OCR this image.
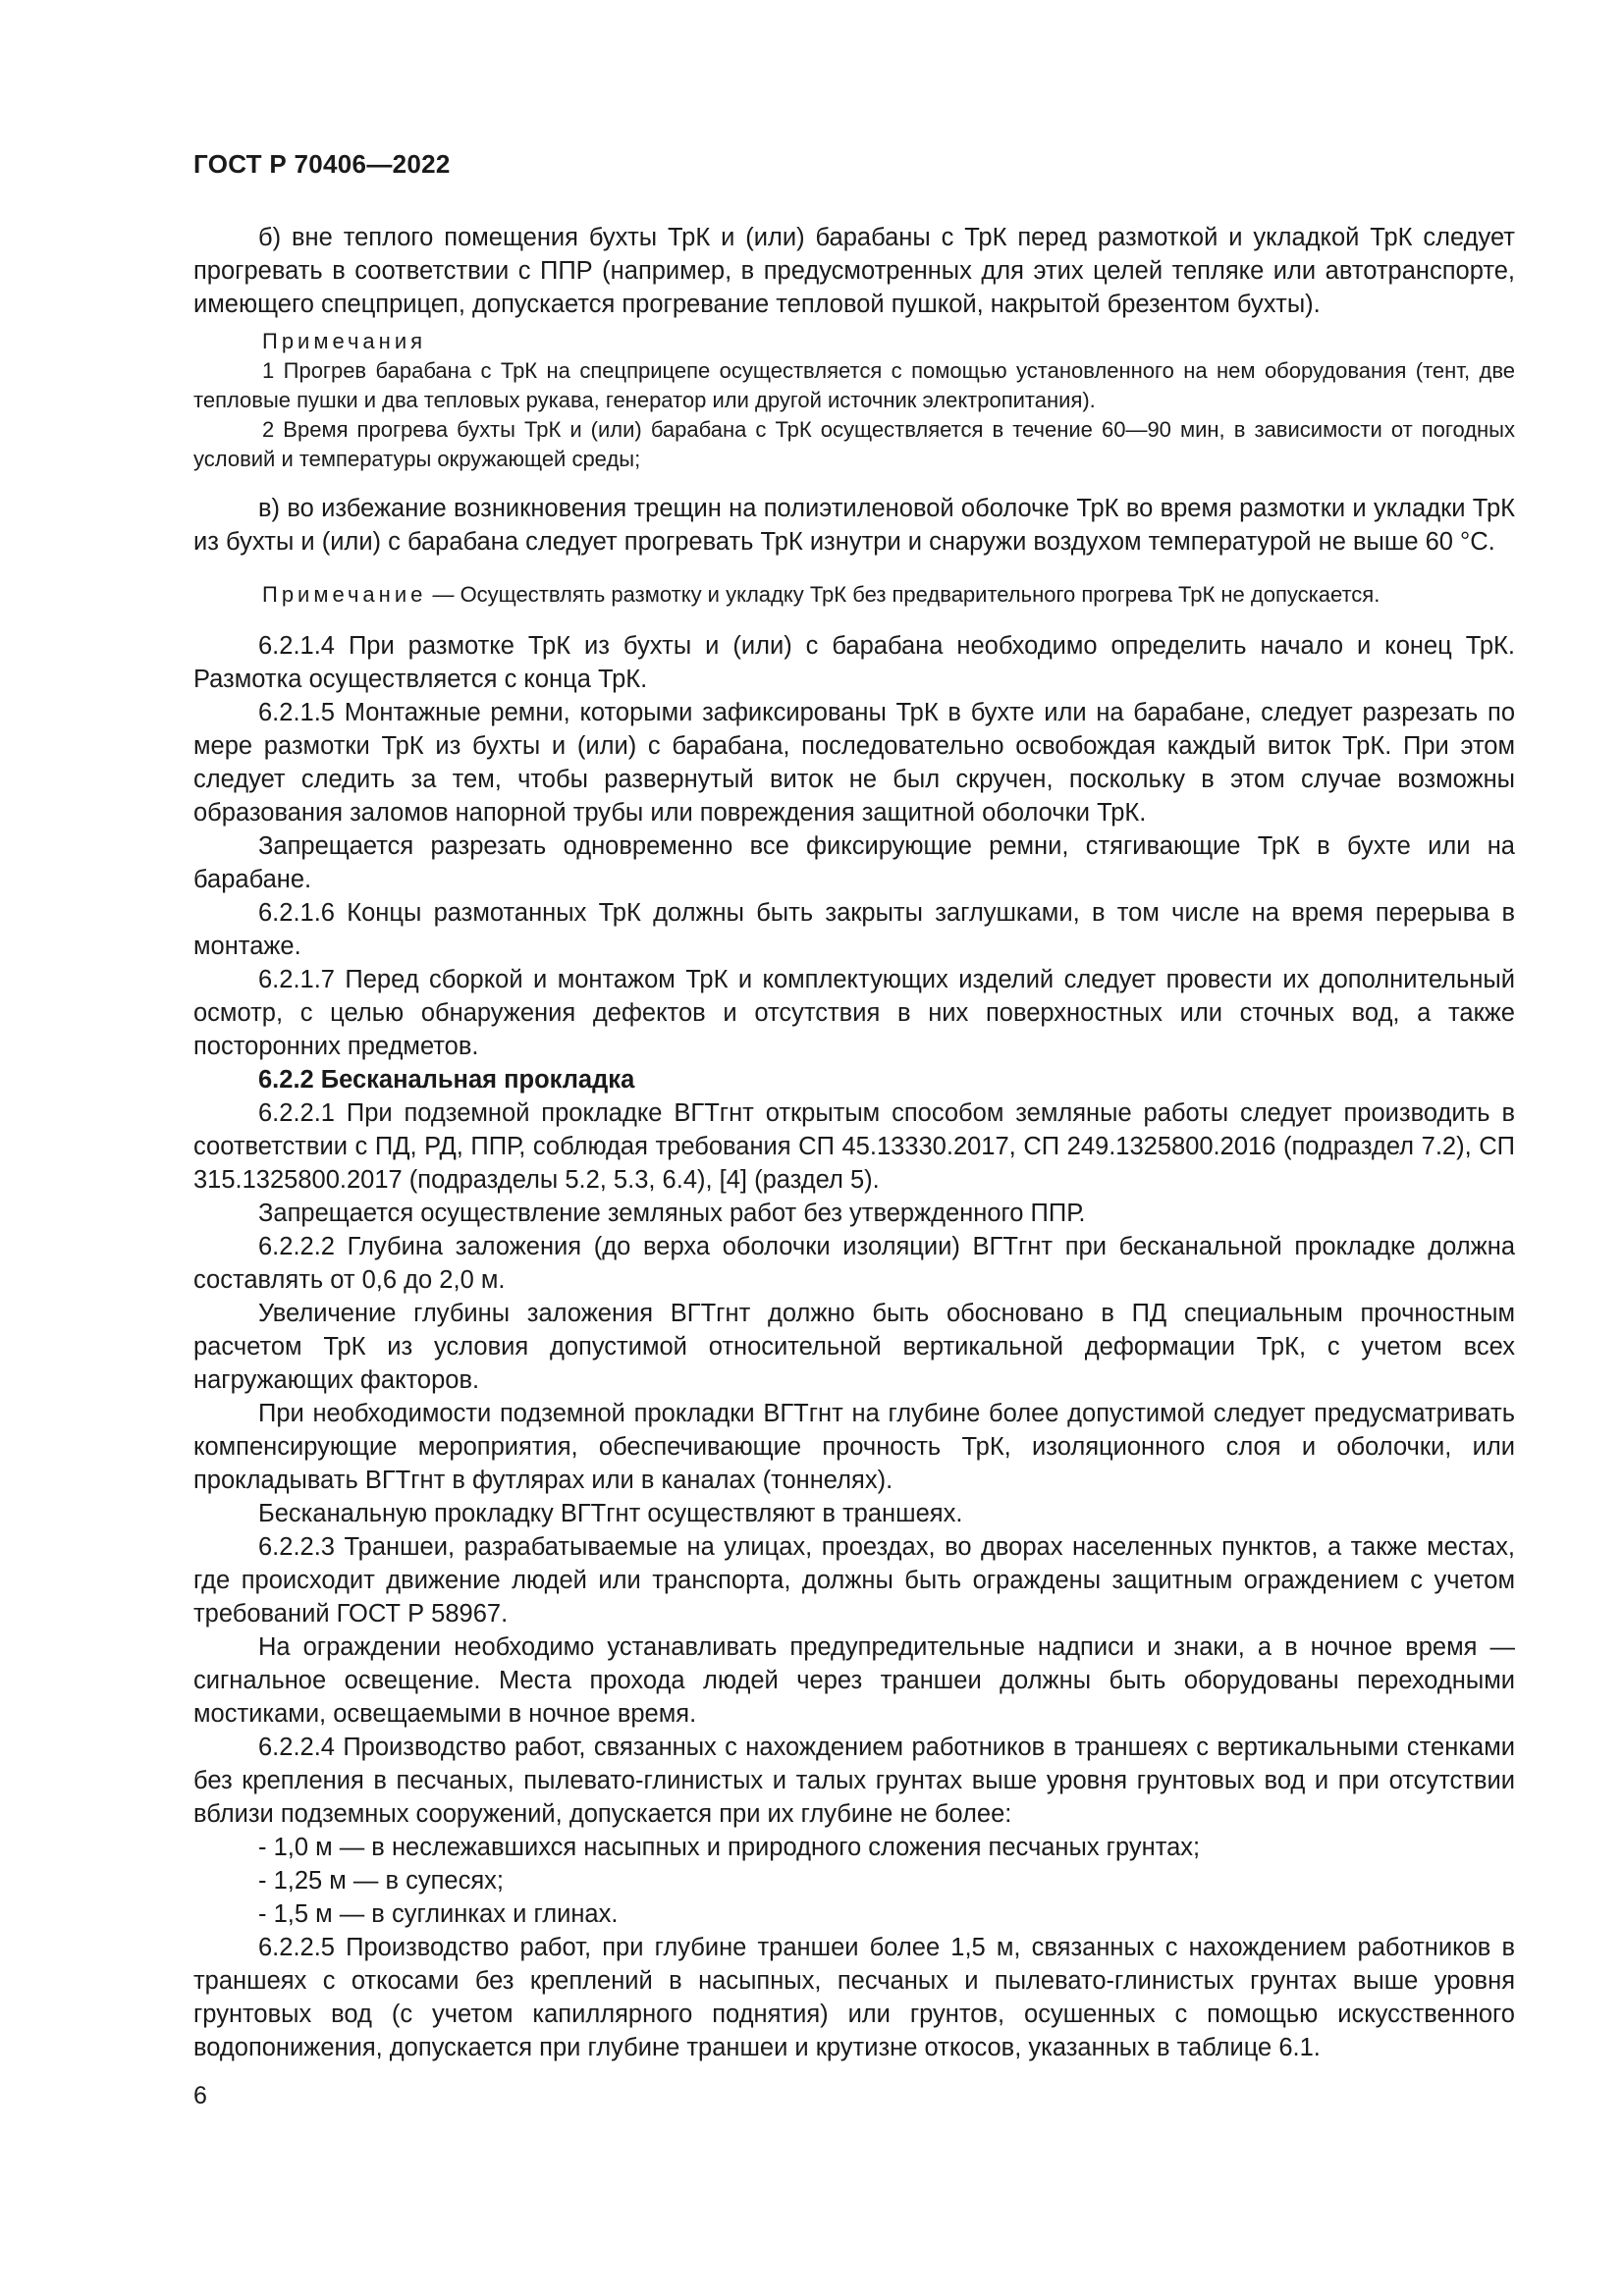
ГОСТ Р 70406—2022

б) вне теплого помещения бухты ТрК и (или) барабаны с ТрК перед размоткой и укладкой ТрК следует прогревать в соответствии с ППР (например, в предусмотренных для этих целей тепляке или автотранспорте, имеющего спецприцеп, допускается прогревание тепловой пушкой, накрытой брезентом бухты).

Примечания

1 Прогрев барабана с ТрК на спецприцепе осуществляется с помощью установленного на нем оборудования (тент, две тепловые пушки и два тепловых рукава, генератор или другой источник электропитания).

2 Время прогрева бухты ТрК и (или) барабана с ТрК осуществляется в течение 60—90 мин, в зависимости от погодных условий и температуры окружающей среды;

в) во избежание возникновения трещин на полиэтиленовой оболочке ТрК во время размотки и укладки ТрК из бухты и (или) с барабана следует прогревать ТрК изнутри и снаружи воздухом температурой не выше 60 °С.

Примечание — Осуществлять размотку и укладку ТрК без предварительного прогрева ТрК не допускается.

6.2.1.4 При размотке ТрК из бухты и (или) с барабана необходимо определить начало и конец ТрК. Размотка осуществляется с конца ТрК.

6.2.1.5 Монтажные ремни, которыми зафиксированы ТрК в бухте или на барабане, следует разрезать по мере размотки ТрК из бухты и (или) с барабана, последовательно освобождая каждый виток ТрК. При этом следует следить за тем, чтобы развернутый виток не был скручен, поскольку в этом случае возможны образования заломов напорной трубы или повреждения защитной оболочки ТрК.

Запрещается разрезать одновременно все фиксирующие ремни, стягивающие ТрК в бухте или на барабане.

6.2.1.6 Концы размотанных ТрК должны быть закрыты заглушками, в том числе на время перерыва в монтаже.

6.2.1.7 Перед сборкой и монтажом ТрК и комплектующих изделий следует провести их дополнительный осмотр, с целью обнаружения дефектов и отсутствия в них поверхностных или сточных вод, а также посторонних предметов.

6.2.2 Бесканальная прокладка

6.2.2.1 При подземной прокладке ВГТгнт открытым способом земляные работы следует производить в соответствии с ПД, РД, ППР, соблюдая требования СП 45.13330.2017, СП 249.1325800.2016 (подраздел 7.2), СП 315.1325800.2017 (подразделы 5.2, 5.3, 6.4), [4] (раздел 5).

Запрещается осуществление земляных работ без утвержденного ППР.

6.2.2.2 Глубина заложения (до верха оболочки изоляции) ВГТгнт при бесканальной прокладке должна составлять от 0,6 до 2,0 м.

Увеличение глубины заложения ВГТгнт должно быть обосновано в ПД специальным прочностным расчетом ТрК из условия допустимой относительной вертикальной деформации ТрК, с учетом всех нагружающих факторов.

При необходимости подземной прокладки ВГТгнт на глубине более допустимой следует предусматривать компенсирующие мероприятия, обеспечивающие прочность ТрК, изоляционного слоя и оболочки, или прокладывать ВГТгнт в футлярах или в каналах (тоннелях).

Бесканальную прокладку ВГТгнт осуществляют в траншеях.

6.2.2.3 Траншеи, разрабатываемые на улицах, проездах, во дворах населенных пунктов, а также местах, где происходит движение людей или транспорта, должны быть ограждены защитным ограждением с учетом требований ГОСТ Р 58967.

На ограждении необходимо устанавливать предупредительные надписи и знаки, а в ночное время — сигнальное освещение. Места прохода людей через траншеи должны быть оборудованы переходными мостиками, освещаемыми в ночное время.

6.2.2.4 Производство работ, связанных с нахождением работников в траншеях с вертикальными стенками без крепления в песчаных, пылевато-глинистых и талых грунтах выше уровня грунтовых вод и при отсутствии вблизи подземных сооружений, допускается при их глубине не более:

- 1,0 м — в неслежавшихся насыпных и природного сложения песчаных грунтах;

- 1,25 м — в супесях;

- 1,5 м — в суглинках и глинах.

6.2.2.5 Производство работ, при глубине траншеи более 1,5 м, связанных с нахождением работников в траншеях с откосами без креплений в насыпных, песчаных и пылевато-глинистых грунтах выше уровня грунтовых вод (с учетом капиллярного поднятия) или грунтов, осушенных с помощью искусственного водопонижения, допускается при глубине траншеи и крутизне откосов, указанных в таблице 6.1.

6
